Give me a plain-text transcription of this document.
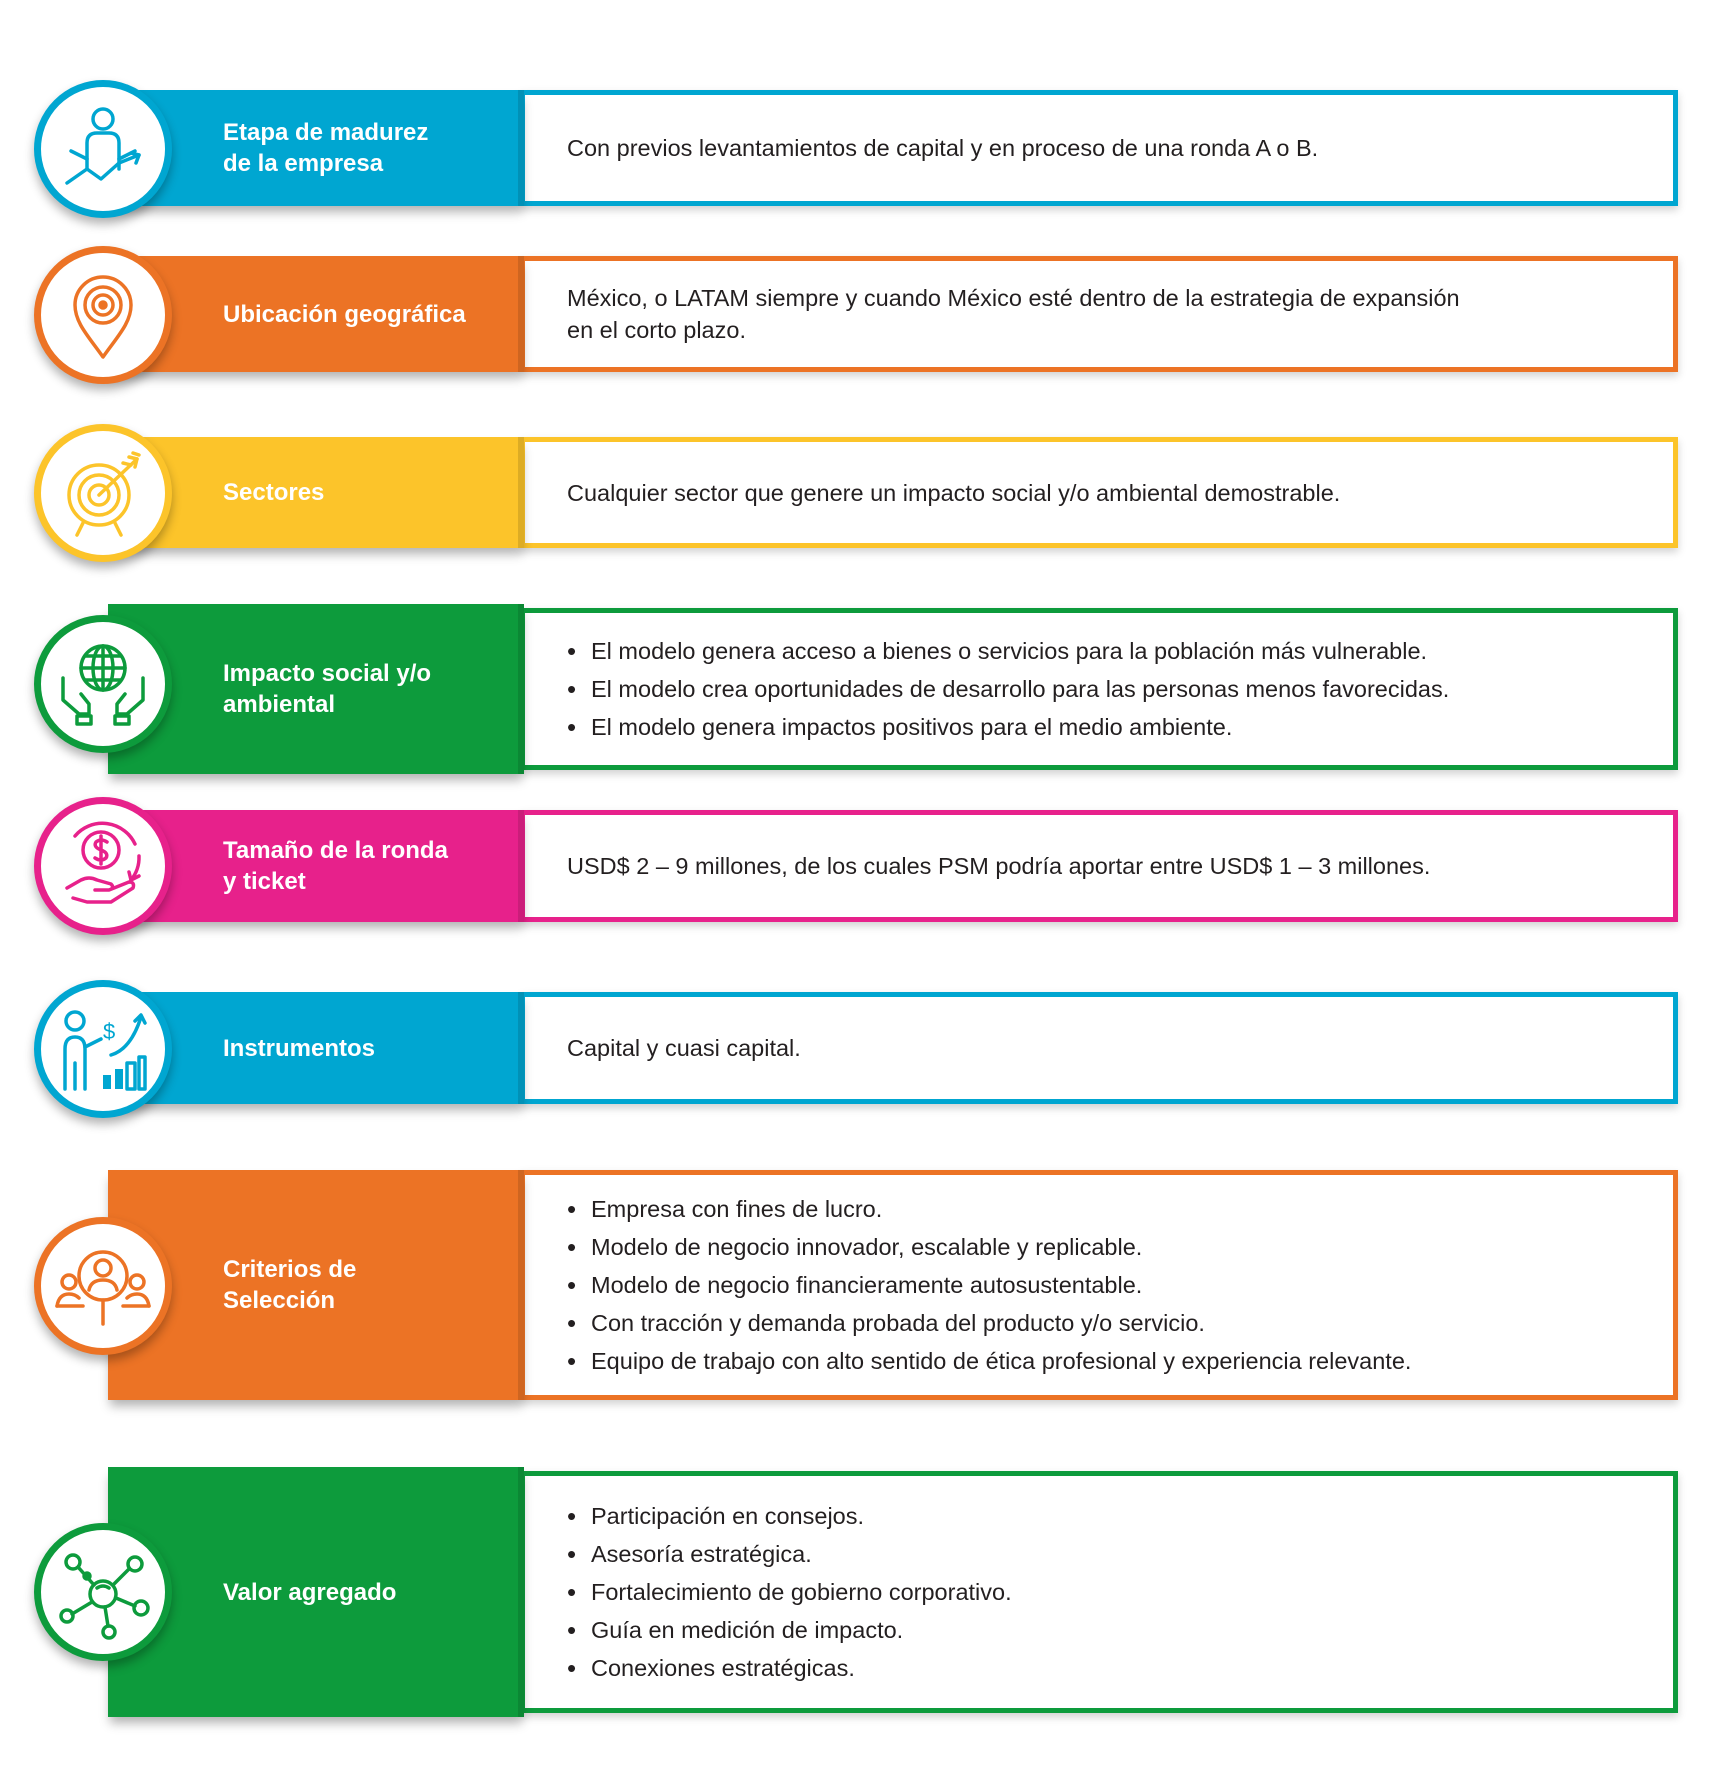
Con previos levantamientos de capital y en proceso de una ronda A o B.
Etapa de madurez
de la empresa
México, o LATAM siempre y cuando México esté dentro de la estrategia de expansión
en el corto plazo.
Ubicación geográfica
Cualquier sector que genere un impacto social y/o ambiental demostrable.
Sectores
• El modelo genera acceso a bienes o servicios para la población más vulnerable.
• El modelo crea oportunidades de desarrollo para las personas menos favorecidas.
• El modelo genera impactos positivos para el medio ambiente.
Impacto social y/o
ambiental
USD$ 2 – 9 millones, de los cuales PSM podría aportar entre USD$ 1 – 3 millones.
Tamaño de la ronda
y ticket
Capital y cuasi capital.
Instrumentos
$
• Empresa con fines de lucro.
• Modelo de negocio innovador, escalable y replicable.
• Modelo de negocio financieramente autosustentable.
• Con tracción y demanda probada del producto y/o servicio.
• Equipo de trabajo con alto sentido de ética profesional y experiencia relevante.
Criterios de
Selección
• Participación en consejos.
• Asesoría estratégica.
• Fortalecimiento de gobierno corporativo.
• Guía en medición de impacto.
• Conexiones estratégicas.
Valor agregado
